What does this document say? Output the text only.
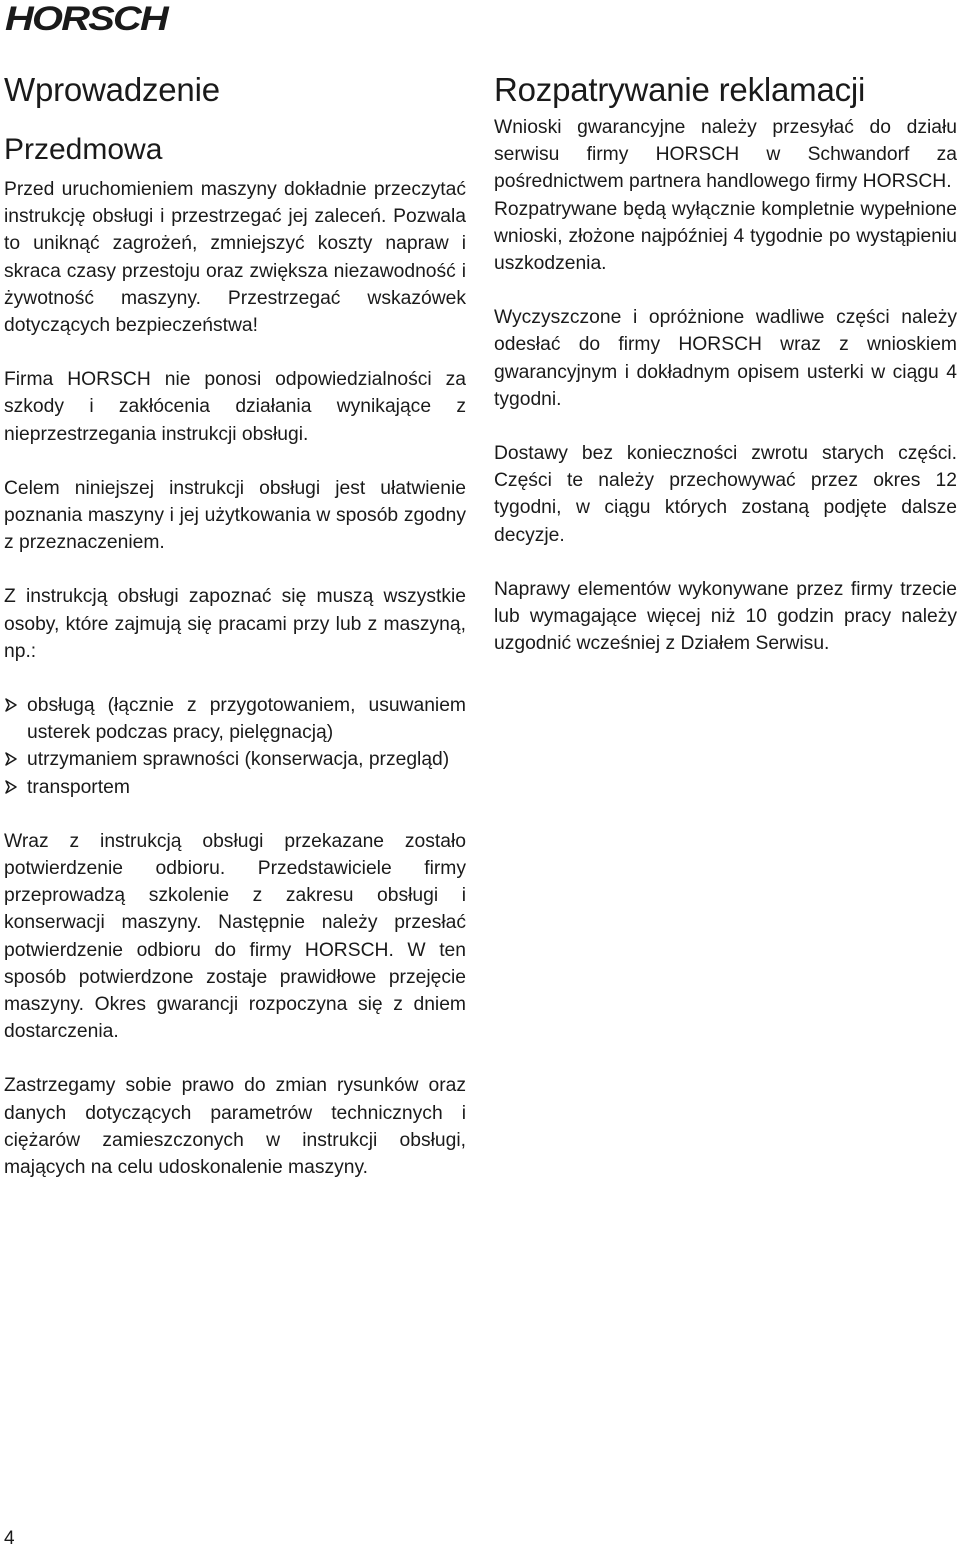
HORSCH
Wprowadzenie
Przedmowa

Przed uruchomieniem maszyny dokładnie przeczytać instrukcję obsługi i przestrzegać jej zaleceń. Pozwala to uniknąć zagrożeń, zmniejszyć koszty napraw i skraca czasy przestoju oraz zwiększa niezawodność i żywotność maszyny. Przestrzegać wskazówek dotyczących bezpieczeństwa!

Firma HORSCH nie ponosi odpowiedzialności za szkody i zakłócenia działania wynikające z nieprzestrzegania instrukcji obsługi.

Celem niniejszej instrukcji obsługi jest ułatwienie poznania maszyny i jej użytkowania w sposób zgodny z przeznaczeniem.

Z instrukcją obsługi zapoznać się muszą wszystkie osoby, które zajmują się pracami przy lub z maszyną, np.:

obsługą (łącznie z przygotowaniem, usuwaniem usterek podczas pracy, pielęgnacją)
utrzymaniem sprawności (konserwacja, przegląd)
transportem

Wraz z instrukcją obsługi przekazane zostało potwierdzenie odbioru. Przedstawiciele firmy przeprowadzą szkolenie z zakresu obsługi i konserwacji maszyny. Następnie należy przesłać potwierdzenie odbioru do firmy HORSCH. W ten sposób potwierdzone zostaje prawidłowe przejęcie maszyny. Okres gwarancji rozpoczyna się z dniem dostarczenia.

Zastrzegamy sobie prawo do zmian rysunków oraz danych dotyczących parametrów technicznych i ciężarów zamieszczonych w instrukcji obsługi, mających na celu udoskonalenie maszyny.

Rozpatrywanie reklamacji

Wnioski gwarancyjne należy przesyłać do działu serwisu firmy HORSCH w Schwandorf za pośrednictwem partnera handlowego firmy HORSCH.

Rozpatrywane będą wyłącznie kompletnie wypełnione wnioski, złożone najpóźniej 4 tygodnie po wystąpieniu uszkodzenia.

Wyczyszczone i opróżnione wadliwe części należy odesłać do firmy HORSCH wraz z wnioskiem gwarancyjnym i dokładnym opisem usterki w ciągu 4 tygodni.

Dostawy bez konieczności zwrotu starych części. Części te należy przechowywać przez okres 12 tygodni, w ciągu których zostaną podjęte dalsze decyzje.

Naprawy elementów wykonywane przez firmy trzecie lub wymagające więcej niż 10 godzin pracy należy uzgodnić wcześniej z Działem Serwisu.

4
